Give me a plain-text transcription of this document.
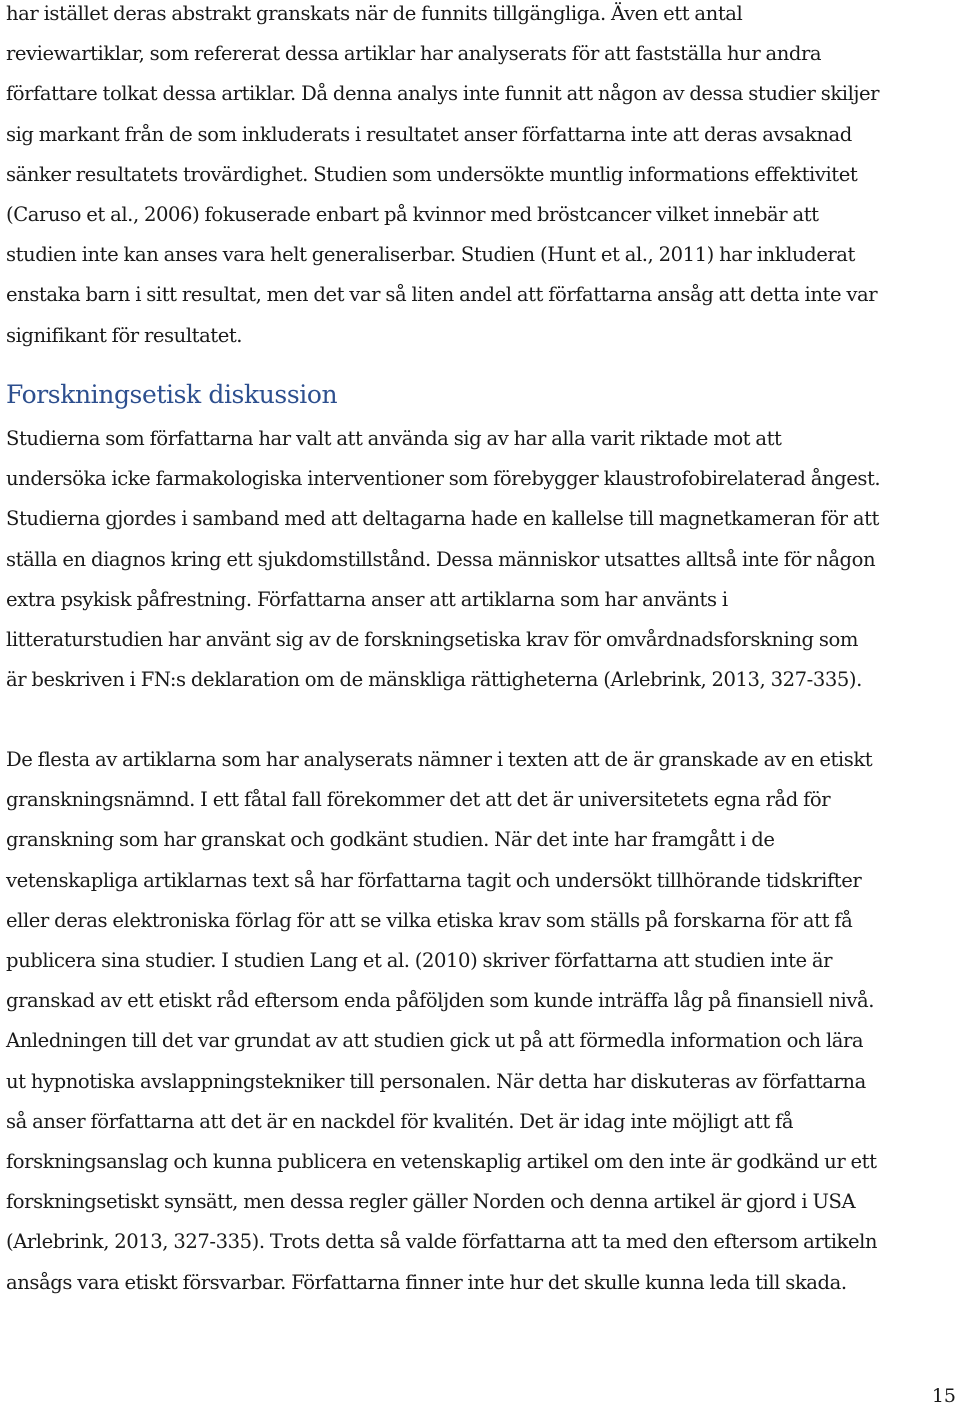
har istället deras abstrakt granskats när de funnits tillgängliga. Även ett antal
reviewartiklar, som refererat dessa artiklar har analyserats för att fastställa hur andra
författare tolkat dessa artiklar. Då denna analys inte funnit att någon av dessa studier skiljer
sig markant från de som inkluderats i resultatet anser författarna inte att deras avsaknad
sänker resultatets trovärdighet. Studien som undersökte muntlig informations effektivitet
(Caruso et al., 2006) fokuserade enbart på kvinnor med bröstcancer vilket innebär att
studien inte kan anses vara helt generaliserbar. Studien (Hunt et al., 2011) har inkluderat
enstaka barn i sitt resultat, men det var så liten andel att författarna ansåg att detta inte var
signifikant för resultatet.
Forskningsetisk diskussion
Studierna som författarna har valt att använda sig av har alla varit riktade mot att
undersöka icke farmakologiska interventioner som förebygger klaustrofobirelaterad ångest.
Studierna gjordes i samband med att deltagarna hade en kallelse till magnetkameran för att
ställa en diagnos kring ett sjukdomstillstånd. Dessa människor utsattes alltså inte för någon
extra psykisk påfrestning. Författarna anser att artiklarna som har använts i
litteraturstudien har använt sig av de forskningsetiska krav för omvårdnadsforskning som
är beskriven i FN:s deklaration om de mänskliga rättigheterna (Arlebrink, 2013, 327-335).
De flesta av artiklarna som har analyserats nämner i texten att de är granskade av en etiskt
granskningsnämnd. I ett fåtal fall förekommer det att det är universitetets egna råd för
granskning som har granskat och godkänt studien. När det inte har framgått i de
vetenskapliga artiklarnas text så har författarna tagit och undersökt tillhörande tidskrifter
eller deras elektroniska förlag för att se vilka etiska krav som ställs på forskarna för att få
publicera sina studier. I studien Lang et al. (2010) skriver författarna att studien inte är
granskad av ett etiskt råd eftersom enda påföljden som kunde inträffa låg på finansiell nivå.
Anledningen till det var grundat av att studien gick ut på att förmedla information och lära
ut hypnotiska avslappningstekniker till personalen. När detta har diskuteras av författarna
så anser författarna att det är en nackdel för kvalitén. Det är idag inte möjligt att få
forskningsanslag och kunna publicera en vetenskaplig artikel om den inte är godkänd ur ett
forskningsetiskt synsätt, men dessa regler gäller Norden och denna artikel är gjord i USA
(Arlebrink, 2013, 327-335). Trots detta så valde författarna att ta med den eftersom artikeln
ansågs vara etiskt försvarbar. Författarna finner inte hur det skulle kunna leda till skada.
15
